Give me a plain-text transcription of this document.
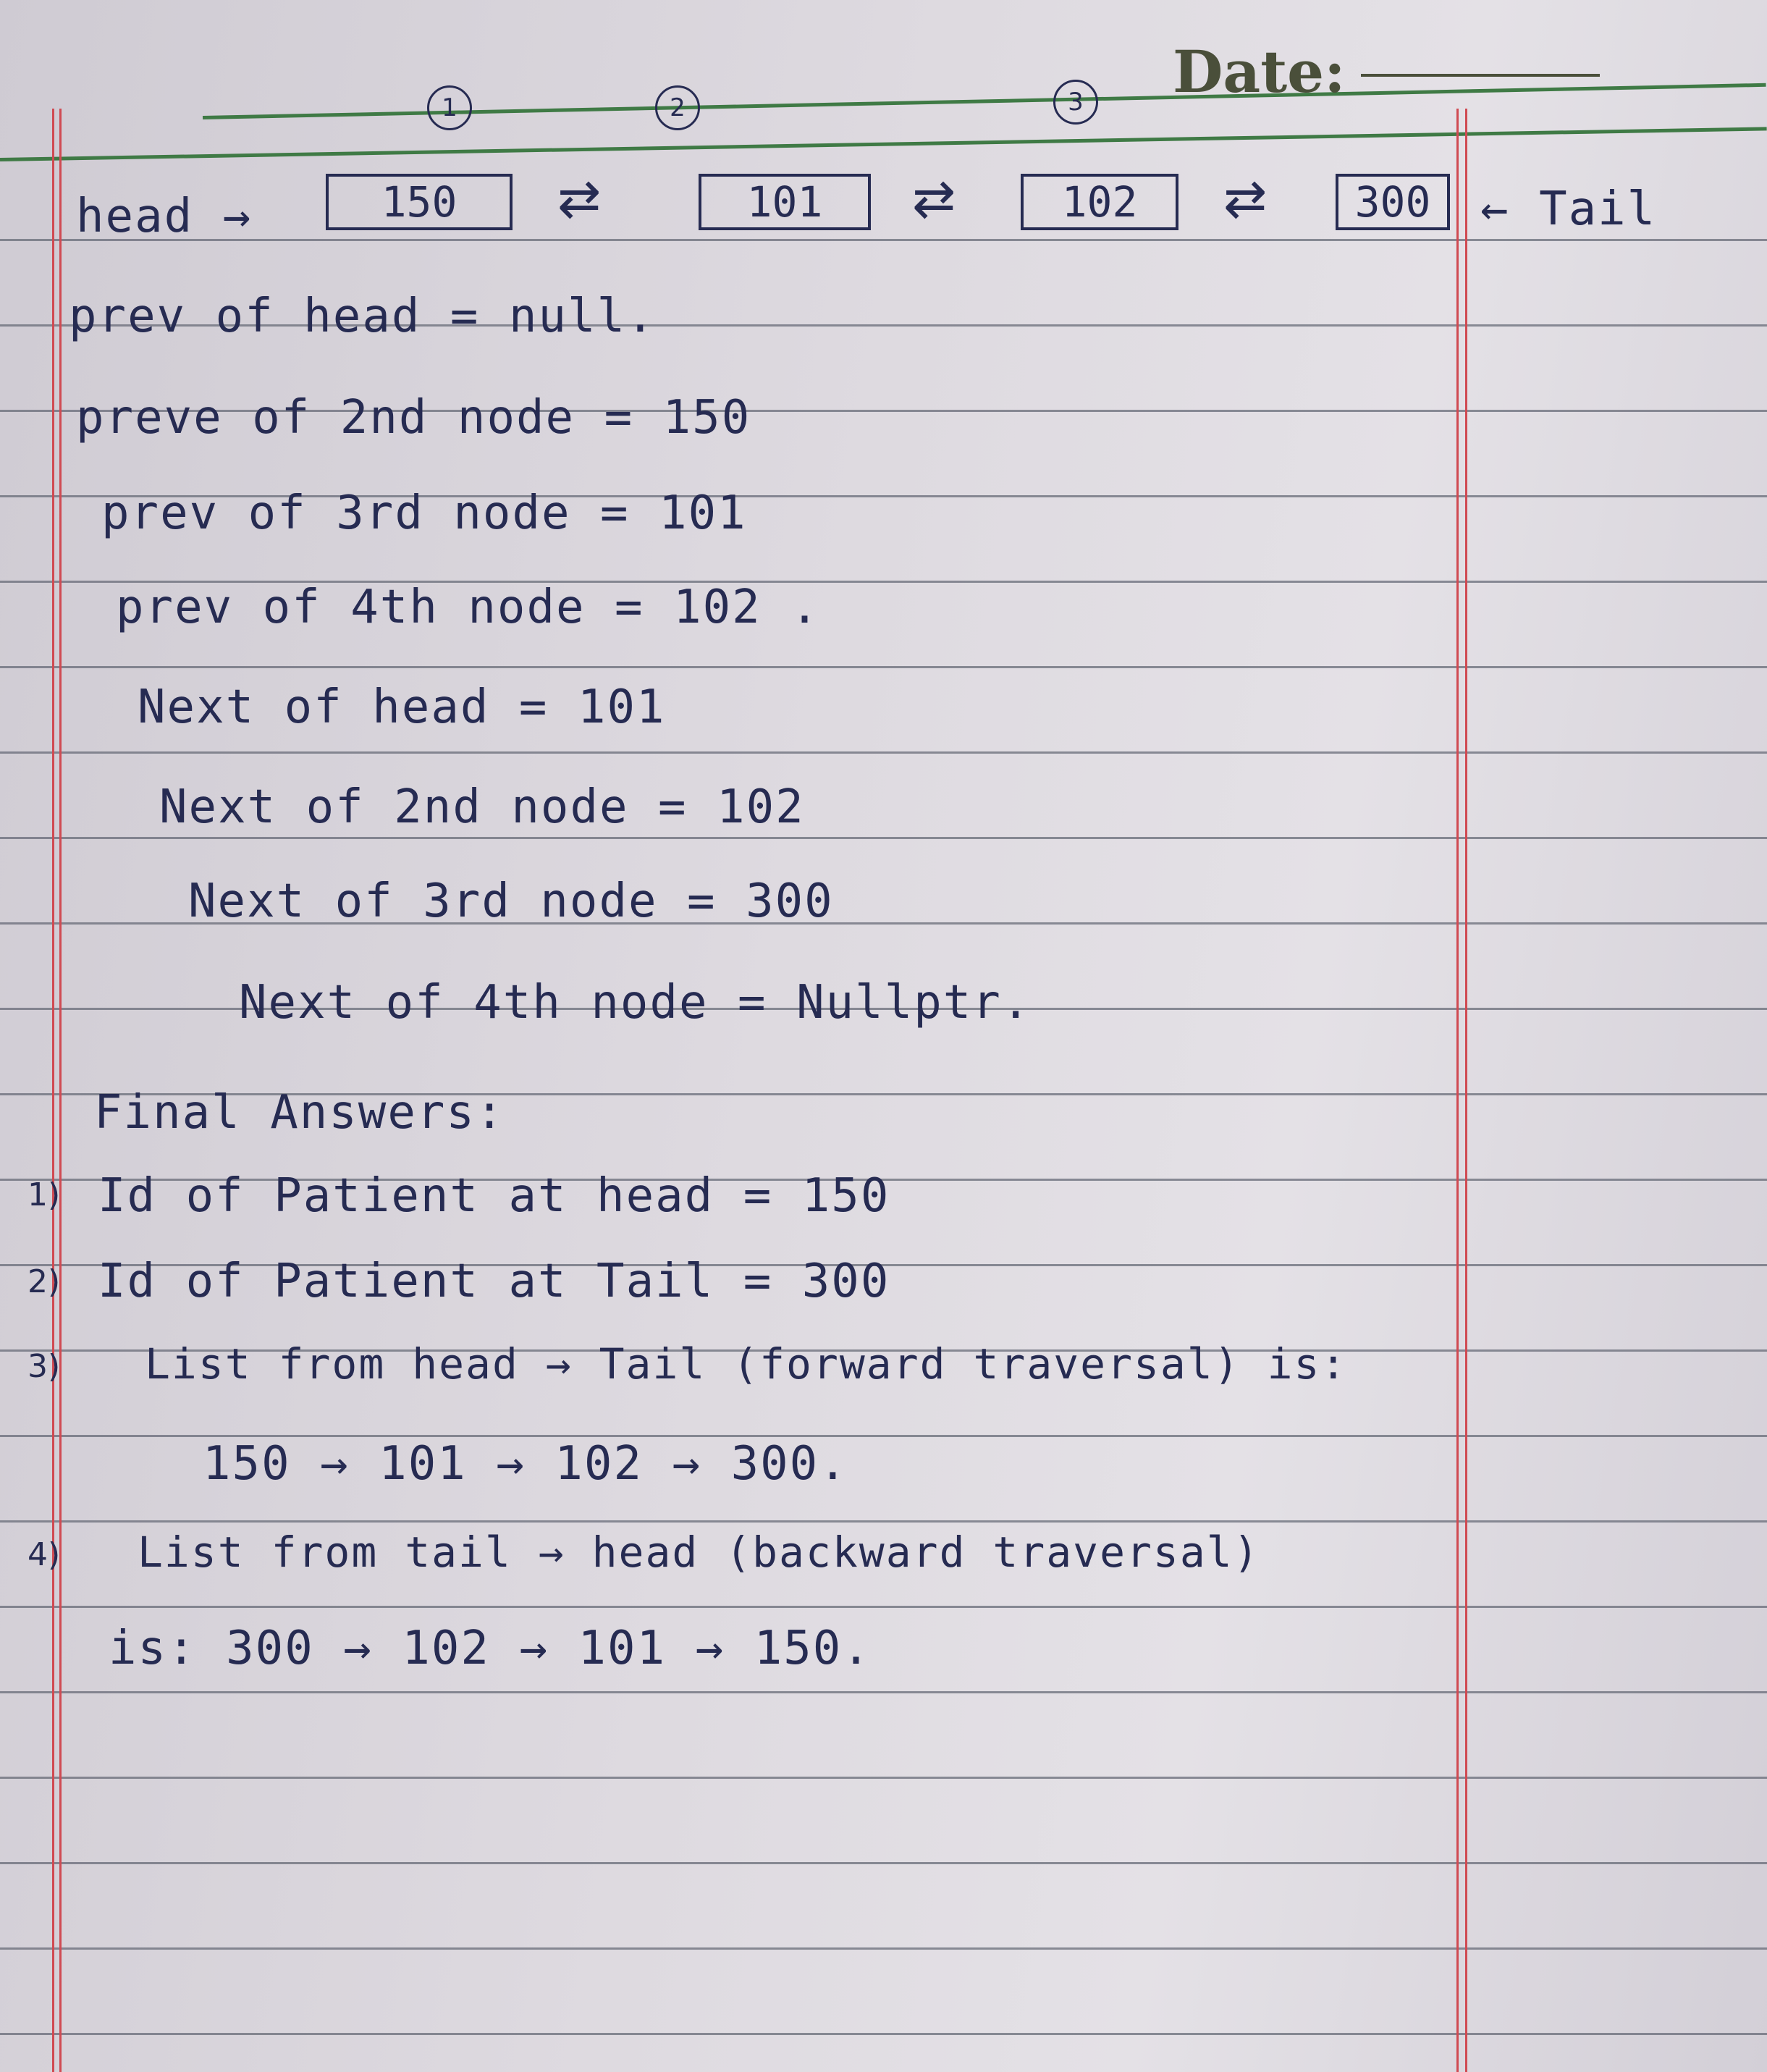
Date:
1	2	3
head →	150	⇄	101	⇄	102	⇄	300	← Tail
prev of head = null.
preve of 2nd node = 150
prev of 3rd node = 101
prev of 4th node = 102 .
Next of head = 101
Next of 2nd node = 102
Next of 3rd node = 300
Next of 4th node = Nullptr.
Final Answers:
1) Id of Patient at head = 150
2) Id of Patient at Tail = 300
3) List from head → Tail (forward traversal) is:
150 → 101 → 102 → 300.
4) List from tail → head (backward traversal)
is: 300 → 102 → 101 → 150.
